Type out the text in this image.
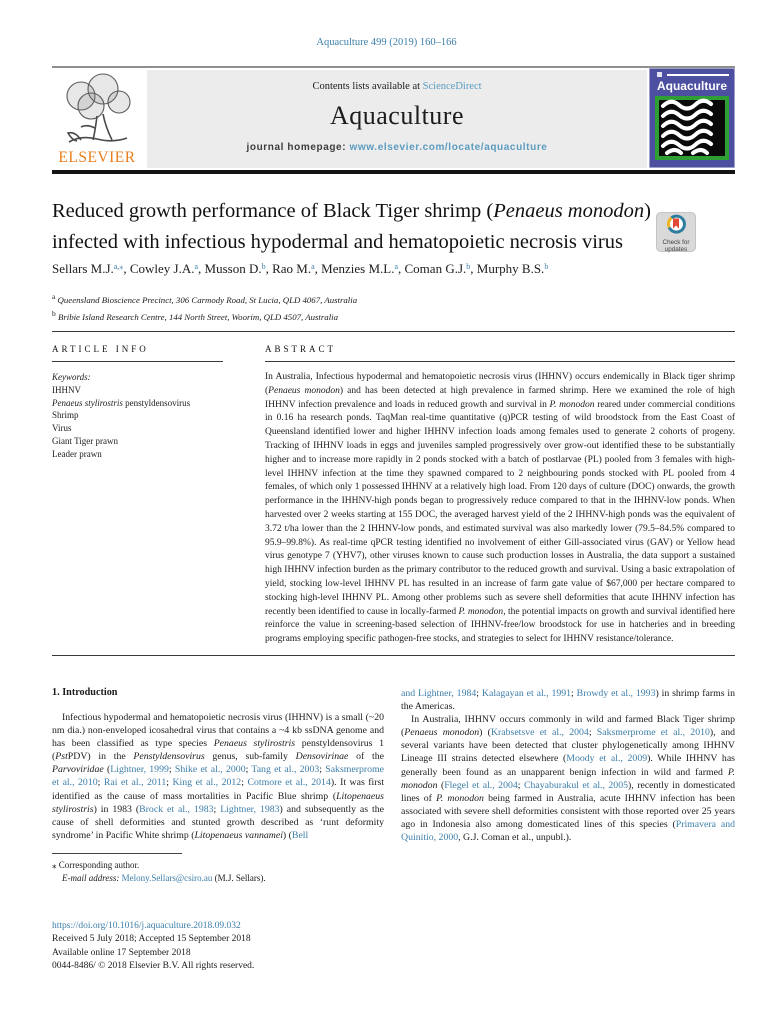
Aquaculture 499 (2019) 160–166
ELSEVIER
Contents lists available at ScienceDirect
Aquaculture
journal homepage: www.elsevier.com/locate/aquaculture
Aquaculture
Reduced growth performance of Black Tiger shrimp (Penaeus monodon) infected with infectious hypodermal and hematopoietic necrosis virus	Check for
updates
Sellars M.J.$^{a,⁎}$, Cowley J.A.$^a$, Musson D.$^b$, Rao M.$^a$, Menzies M.L.$^a$, Coman G.J.$^b$, Murphy B.S.$^b$
a Queensland Bioscience Precinct, 306 Carmody Road, St Lucia, QLD 4067, Australia
b Bribie Island Research Centre, 144 North Street, Woorim, QLD 4507, Australia
ARTICLE INFO	ABSTRACT
Keywords:
IHHNV
Penaeus stylirostris penstyldensovirus
Shrimp
Virus
Giant Tiger prawn
Leader prawn
In Australia, Infectious hypodermal and hematopoietic necrosis virus (IHHNV) occurs endemically in Black tiger shrimp (Penaeus monodon) and has been detected at high prevalence in farmed shrimp. Here we examined the role of high IHHNV infection prevalence and loads in reduced growth and survival in P. monodon reared under commercial conditions in 0.16 ha research ponds. TaqMan real-time quantitative (q)PCR testing of wild broodstock from the East Coast of Queensland identified lower and higher IHHNV infection loads among females used to generate 2 cohorts of progeny. Tracking of IHHNV loads in eggs and juveniles sampled progressively over grow-out identified these to be substantially higher and to increase more rapidly in 2 ponds stocked with a batch of postlarvae (PL) pooled from 3 females with high-level IHHNV infection at the time they spawned compared to 2 neighbouring ponds stocked with PL pooled from 4 females, of which only 1 possessed IHHNV at a relatively high load. From 120 days of culture (DOC) onwards, the growth performance in the IHHNV-high ponds began to progressively reduce compared to that in the IHHNV-low ponds. When harvested over 2 weeks starting at 155 DOC, the averaged harvest yield of the 2 IHHNV-high ponds was the equivalent of 3.72 t/ha lower than the 2 IHHNV-low ponds, and estimated survival was also markedly lower (79.5–84.5% compared to 95.9–99.8%). As real-time qPCR testing identified no involvement of either Gill-associated virus (GAV) or Yellow head virus genotype 7 (YHV7), other viruses known to cause such production losses in Australia, the data support a sustained high IHHNV infection burden as the primary contributor to the reduced growth and survival. Using a basic extrapolation of yield, stocking low-level IHHNV PL has resulted in an increase of farm gate value of $67,000 per hectare compared to stocking high-level IHHNV PL. Among other problems such as severe shell deformities that acute IHHNV infection has recently been identified to cause in locally-farmed P. monodon, the potential impacts on growth and survival identified here reinforce the value in screening-based selection of IHHNV-free/low broodstock for use in hatcheries and in breeding programs employing specific pathogen-free stocks, and strategies to select for IHHNV resistance/tolerance.
1. Introduction
Infectious hypodermal and hematopoietic necrosis virus (IHHNV) is a small (~20 nm dia.) non-enveloped icosahedral virus that contains a ~4 kb ssDNA genome and has been classified as type species Penaeus stylirostris penstyldensovirus 1 (PstPDV) in the Penstyldensovirus genus, sub-family Densovirinae of the Parvoviridae (Lightner, 1999; Shike et al., 2000; Tang et al., 2003; Saksmerprome et al., 2010; Rai et al., 2011; King et al., 2012; Cotmore et al., 2014). It was first identified as the cause of mass mortalities in Pacific Blue shrimp (Litopenaeus stylirostris) in 1983 (Brock et al., 1983; Lightner, 1983) and subsequently as the cause of shell deformities and stunted growth described as ‘runt deformity syndrome’ in Pacific White shrimp (Litopenaeus vannamei) (Bell

and Lightner, 1984; Kalagayan et al., 1991; Browdy et al., 1993) in shrimp farms in the Americas.

In Australia, IHHNV occurs commonly in wild and farmed Black Tiger shrimp (Penaeus monodon) (Krabsetsve et al., 2004; Saksmerprome et al., 2010), and several variants have been detected that cluster phylogenetically among IHHNV Lineage III strains detected elsewhere (Moody et al., 2009). While IHHNV has generally been found as an unapparent benign infection in wild and farmed P. monodon (Flegel et al., 2004; Chayaburakul et al., 2005), recently in domesticated lines of P. monodon being farmed in Australia, acute IHHNV infection has been associated with severe shell deformities consistent with those reported over 25 years ago in Indonesia also among domesticated lines of this species (Primavera and Quinitio, 2000, G.J. Coman et al., unpubl.).

⁎ Corresponding author.
E-mail address: Melony.Sellars@csiro.au (M.J. Sellars).
https://doi.org/10.1016/j.aquaculture.2018.09.032
Received 5 July 2018; Accepted 15 September 2018
Available online 17 September 2018
0044-8486/ © 2018 Elsevier B.V. All rights reserved.
